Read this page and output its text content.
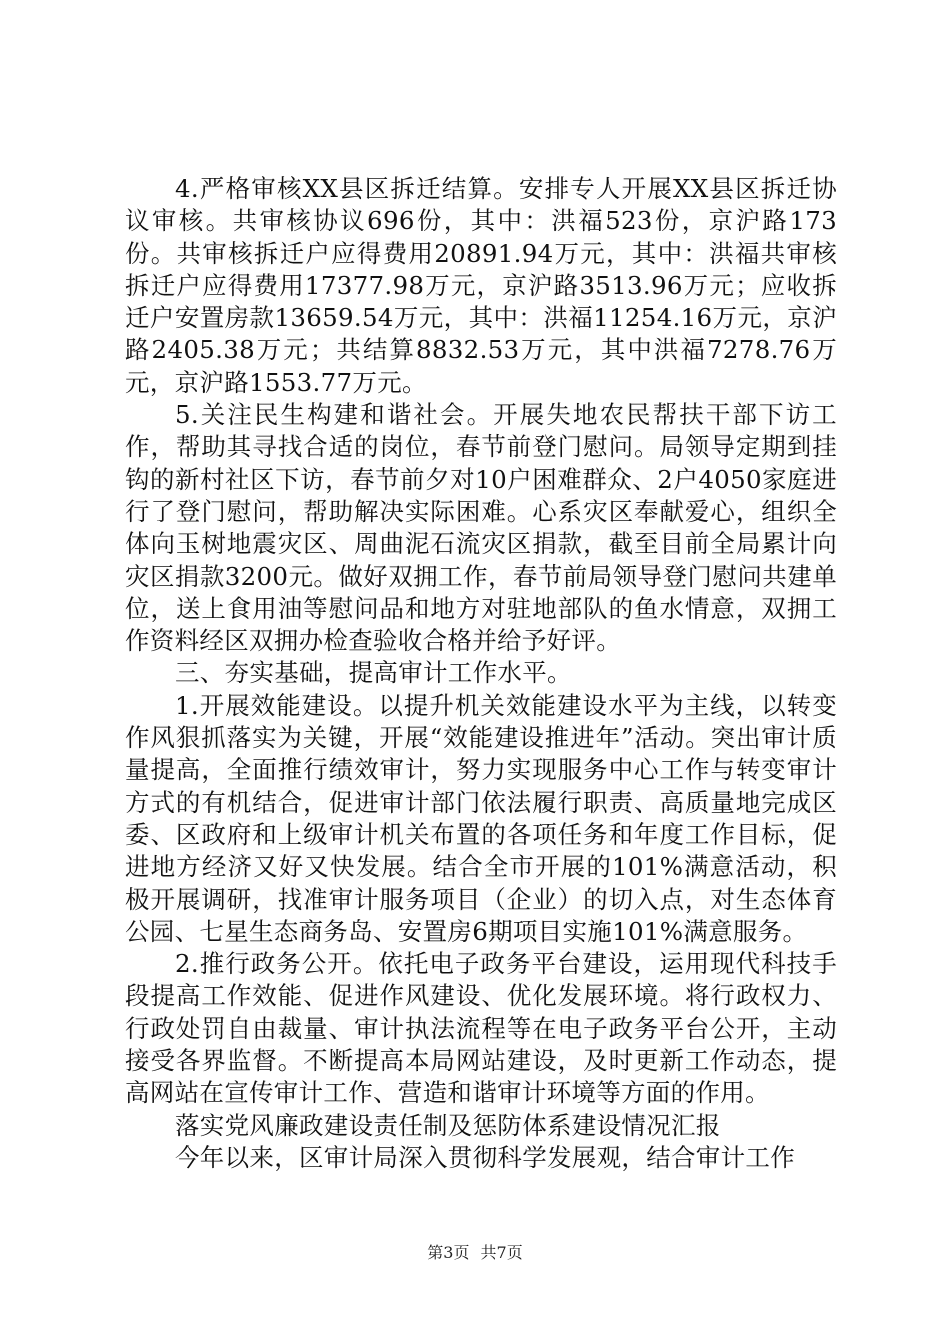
4.严格审核XX县区拆迁结算。安排专人开展XX县区拆迁协议审核。共审核协议696份，其中：洪福523份，京沪路173份。共审核拆迁户应得费用20891.94万元，其中：洪福共审核拆迁户应得费用17377.98万元，京沪路3513.96万元；应收拆迁户安置房款13659.54万元，其中：洪福11254.16万元，京沪路2405.38万元；共结算8832.53万元，其中洪福7278.76万元，京沪路1553.77万元。

5.关注民生构建和谐社会。开展失地农民帮扶干部下访工作，帮助其寻找合适的岗位，春节前登门慰问。局领导定期到挂钩的新村社区下访，春节前夕对10户困难群众、2户4050家庭进行了登门慰问，帮助解决实际困难。心系灾区奉献爱心，组织全体向玉树地震灾区、周曲泥石流灾区捐款，截至目前全局累计向灾区捐款3200元。做好双拥工作，春节前局领导登门慰问共建单位，送上食用油等慰问品和地方对驻地部队的鱼水情意，双拥工作资料经区双拥办检查验收合格并给予好评。

三、夯实基础，提高审计工作水平。

1.开展效能建设。以提升机关效能建设水平为主线，以转变作风狠抓落实为关键，开展“效能建设推进年”活动。突出审计质量提高，全面推行绩效审计，努力实现服务中心工作与转变审计方式的有机结合，促进审计部门依法履行职责、高质量地完成区委、区政府和上级审计机关布置的各项任务和年度工作目标，促进地方经济又好又快发展。结合全市开展的101%满意活动，积极开展调研，找准审计服务项目（企业）的切入点，对生态体育公园、七星生态商务岛、安置房6期项目实施101%满意服务。

2.推行政务公开。依托电子政务平台建设，运用现代科技手段提高工作效能、促进作风建设、优化发展环境。将行政权力、行政处罚自由裁量、审计执法流程等在电子政务平台公开，主动接受各界监督。不断提高本局网站建设，及时更新工作动态，提高网站在宣传审计工作、营造和谐审计环境等方面的作用。

落实党风廉政建设责任制及惩防体系建设情况汇报

今年以来，区审计局深入贯彻科学发展观，结合审计工作

第3页 共7页
